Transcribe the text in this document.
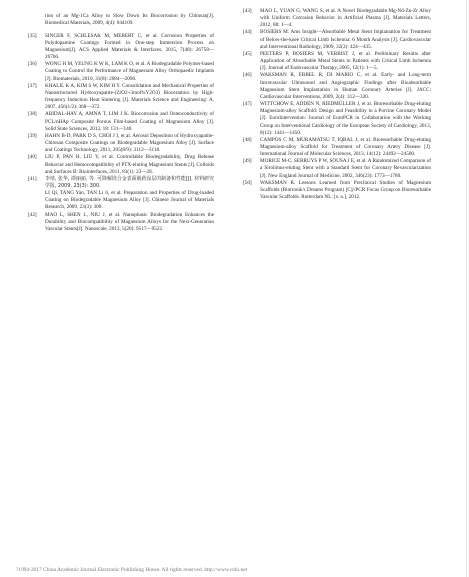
tion of an Mg-1Ca Alloy to Slow Down Its Biocorrosion by Chitosan[J]. Biomedical Materials, 2009, 4(4): 044109.

[35]	SINGER F, SCHLESAK M, MEBERT C, et al. Corrosion Properties of Polydopamine Coatings Formed in One-step Immersion Process on Magnesium[J]. ACS Applied Materials & Interfaces, 2015, 7(48): 26758—26766.
[36]	WONG H M, YEUNG K W K, LAM K O, et al. A Biodegradable Polymer-based Coating to Control the Performance of Magnesium Alloy Orthopaedic Implants [J]. Biomaterials, 2010, 31(8): 2084—2096.
[37]	KHALIL K A, KIM S W, KIM H Y. Consolidation and Mechanical Properties of Nanostructured Hydroxyapatite-(ZrO2+3mol%Y2O3) Bioceramics by High-frequency Induction Heat Sintering [J]. Materials Science and Engineering: A, 2007, 456(1/2): 368—372.
[38]	ABIDAL-HAY A, AMNA T, LIM J K. Biocorrosion and Osteoconductivity of PCL/nHAp Composite Porous Film-based Coating of Magnesium Alloy [J]. Solid State Sciences, 2013, 18: 131—140.
[39]	HAHN B-D, PARK D S, CHOI J J, et al. Aerosol Deposition of Hydroxyapatite-Chitosan Composite Coatings on Biodegradable Magnesium Alloy [J]. Surface and Coatings Technology, 2011, 205(8/9): 3112—3118.
[40]	LIU P, PAN H, LIU Y, et al. Controllable Biodegradability, Drug Release Behavior and Hemocompatibility of PTX-eluting Magnesium Stents [J]. Colloids and Surfaces B: Biointerfaces, 2011, 83(1): 23—28.
[41]	李靖, 张华, 谭丽丽, 等. 可降解镁合金表面载药涂层的制备和性能[J]. 材料研究学报, 2009, 23(3): 300.
LI Qi, TANG Yan, TAN Li li, et al. Preparation and Properties of Drug-loaded Coating on Biodegradable Magnesium Alloy [J]. Chinese Journal of Materials Research, 2009, 23(3): 300.
[42]	MAO L, SHEN L, NIU J, et al. Nanophasic Biodegradation Enhances the Durability and Biocompatibility of Magnesium Alloys for the Next-Generation Vascular Stents[J]. Nanoscale, 2013, 5(20): 9517—9522.
[43]	MAO L, YUAN G, WANG S, et al. A Novel Biodegradable Mg-Nd-Zn-Zr Alloy with Uniform Corrosion Behavior in Artificial Plasma [J]. Materials Letters, 2012, 88: 1—4.
[44]	BOSIERS M. Ams Insight—Absorbable Metal Stent Implantation for Treatment of Below-the-knee Critical Limb Ischemia: 6 Month Analysis [J]. Cardiovascular and Interventional Radiology, 2009, 32(3): 424—435.
[45]	PEETERS P, BOSIERS M, VERBIST J, et al. Preliminary Results after Application of Absorbable Metal Stents in Patients with Critical Limb Ischemia [J]. Journal of Endovascular Therapy, 2005, 12(1): 1—5.
[46]	WAKSMAN R, ERBEL R, DI MARIO C, et al. Early- and Long-term Intravascular Ultrasound and Angiographic Findings after Bioabsorbable Magnesium Stent Implantation in Human Coronary Arteries [J]. JACC: Cardiovascular Interventions, 2009, 2(4): 312—320.
[47]	WITTCHOW E, ADDEN N, RIEDMÜLLER J, et al. Bioresorbable Drug-eluting Magnesium-alloy Scaffold: Design and Feasibility in a Porcine Coronary Model [J]. EuroIntervention: Journal of EuroPCR in Collaboration with the Working Group on Interventional Cardiology of the European Society of Cardiology, 2013, 8(12): 1441—1450.
[48]	CAMPOS C M, MURAMATSU T, IQBAL J, et al. Bioresorbable Drug-eluting Magnesium-alloy Scaffold for Treatment of Coronary Artery Disease [J]. International Journal of Molecular Sciences, 2013, 14(12): 24492—24500.
[49]	MORICE M-C, SERRUYS P W, SOUSA J E, et al. A Randomized Comparison of a Sirolimus-eluting Stent with a Standard Stent for Coronary Revascularization [J]. New England Journal of Medicine, 2002, 346(23): 1773—1780.
[50]	WAKSMAN R. Lessons Learned from Preclinical Studies of Magnesium Scaffolds (Biotronik's Dreams Program) [C]//PCR Focus Group on Bioresorbable Vascular Scaffolds. Rotterdam NL: [s. n.], 2012.
?1994-2017 China Academic Journal Electronic Publishing House. All rights reserved. http://www.cnki.net
